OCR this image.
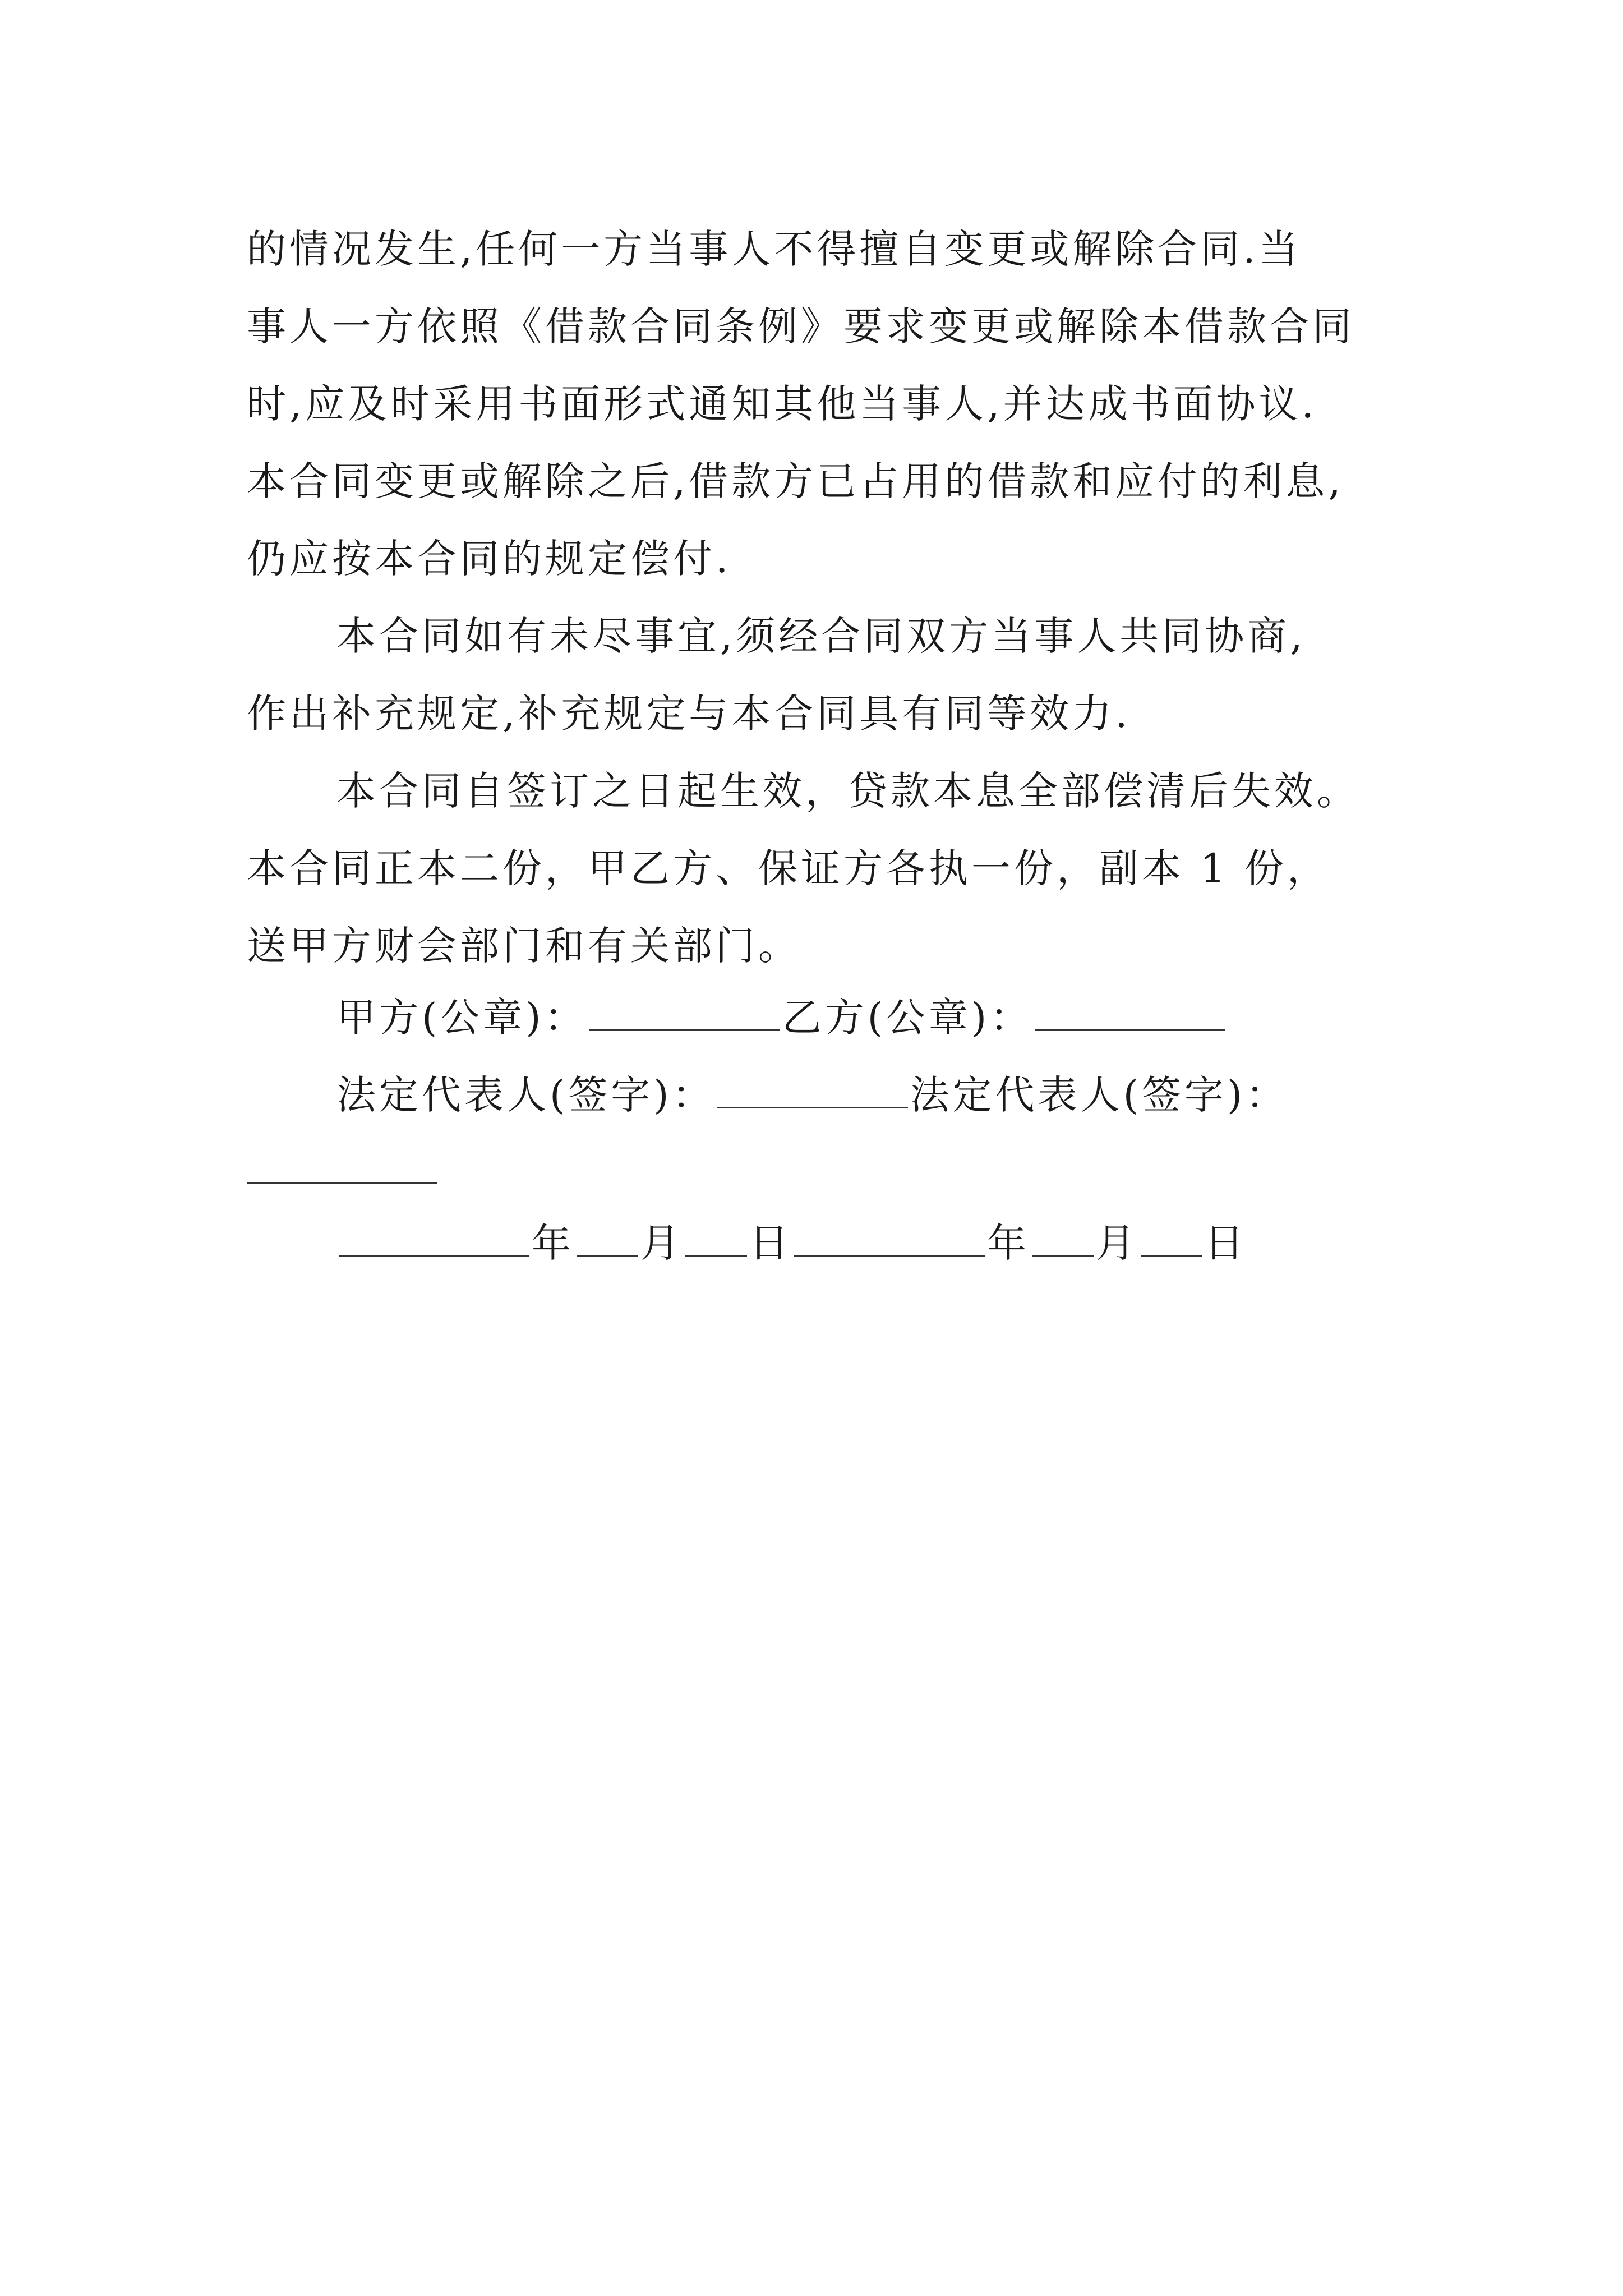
的情况发生,任何一方当事人不得擅自变更或解除合同.当
事人一方依照《借款合同条例》要求变更或解除本借款合同
时,应及时采用书面形式通知其他当事人,并达成书面协议.
本合同变更或解除之后,借款方已占用的借款和应付的利息,
仍应按本合同的规定偿付.
本合同如有未尽事宜,须经合同双方当事人共同协商,
作出补充规定,补充规定与本合同具有同等效力.
本合同自签订之日起生效，贷款本息全部偿清后失效。
本合同正本二份，甲乙方、保证方各执一份，副本 1 份，
送甲方财会部门和有关部门。
甲方(公章)：	乙方(公章)：
法定代表人(签字)：	法定代表人(签字)：
年 月 日	年 月 日
